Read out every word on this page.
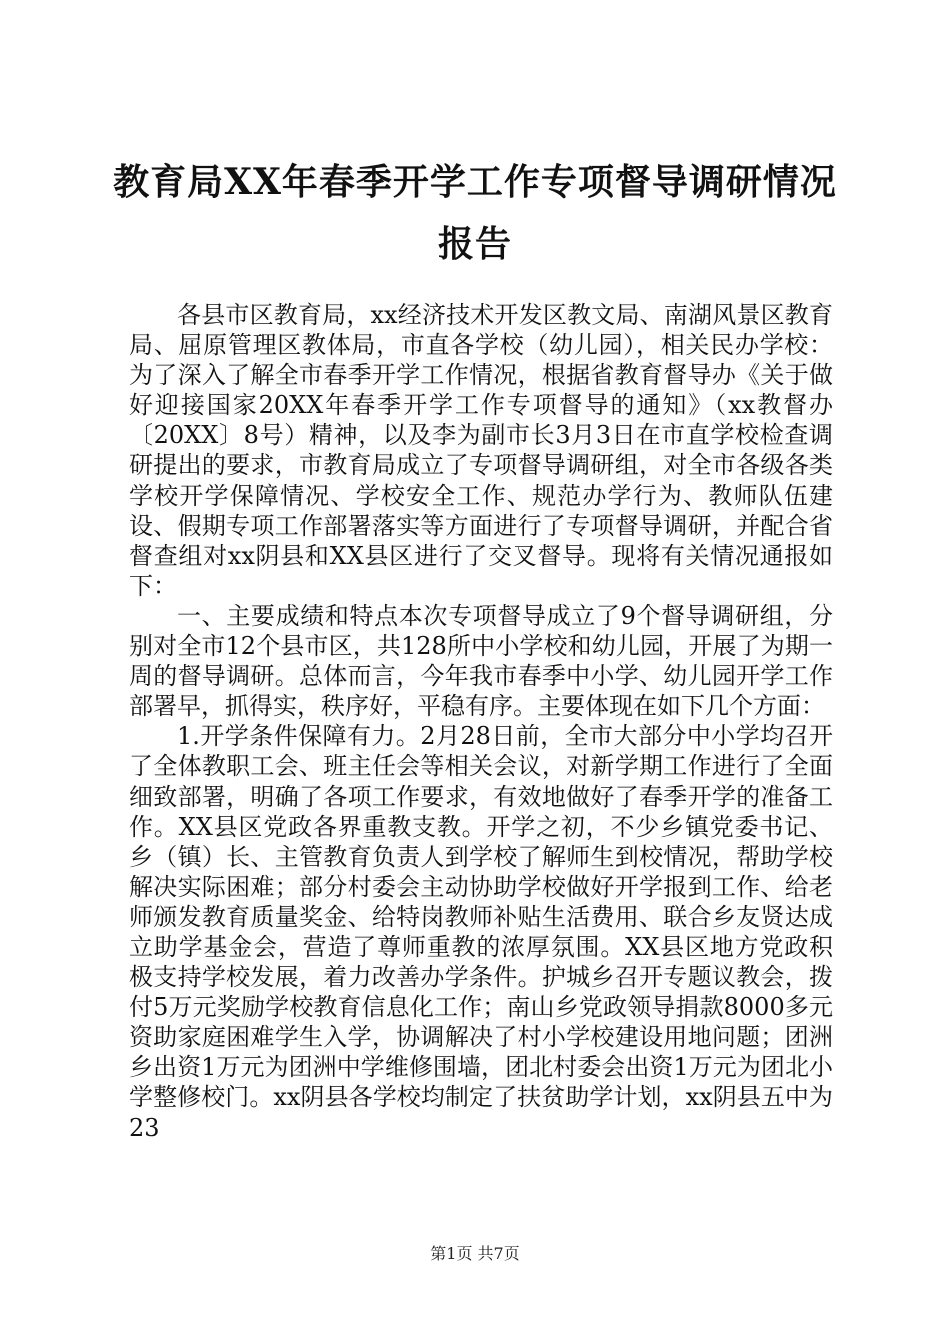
教育局XX年春季开学工作专项督导调研情况
报告

各县市区教育局，xx经济技术开发区教文局、南湖风景区教育局、屈原管理区教体局，市直各学校（幼儿园），相关民办学校：为了深入了解全市春季开学工作情况，根据省教育督导办《关于做好迎接国家20XX年春季开学工作专项督导的通知》（xx教督办〔20XX〕8号）精神，以及李为副市长3月3日在市直学校检查调研提出的要求，市教育局成立了专项督导调研组，对全市各级各类学校开学保障情况、学校安全工作、规范办学行为、教师队伍建设、假期专项工作部署落实等方面进行了专项督导调研，并配合省督查组对xx阴县和XX县区进行了交叉督导。现将有关情况通报如下：

一、主要成绩和特点本次专项督导成立了9个督导调研组，分别对全市12个县市区，共128所中小学校和幼儿园，开展了为期一周的督导调研。总体而言，今年我市春季中小学、幼儿园开学工作部署早，抓得实，秩序好，平稳有序。主要体现在如下几个方面：

1.开学条件保障有力。2月28日前，全市大部分中小学均召开了全体教职工会、班主任会等相关会议，对新学期工作进行了全面细致部署，明确了各项工作要求，有效地做好了春季开学的准备工作。XX县区党政各界重教支教。开学之初，不少乡镇党委书记、乡（镇）长、主管教育负责人到学校了解师生到校情况，帮助学校解决实际困难；部分村委会主动协助学校做好开学报到工作、给老师颁发教育质量奖金、给特岗教师补贴生活费用、联合乡友贤达成立助学基金会，营造了尊师重教的浓厚氛围。XX县区地方党政积极支持学校发展，着力改善办学条件。护城乡召开专题议教会，拨付5万元奖励学校教育信息化工作；南山乡党政领导捐款8000多元资助家庭困难学生入学，协调解决了村小学校建设用地问题；团洲乡出资1万元为团洲中学维修围墙，团北村委会出资1万元为团北小学整修校门。xx阴县各学校均制定了扶贫助学计划，xx阴县五中为23

第1页 共7页
